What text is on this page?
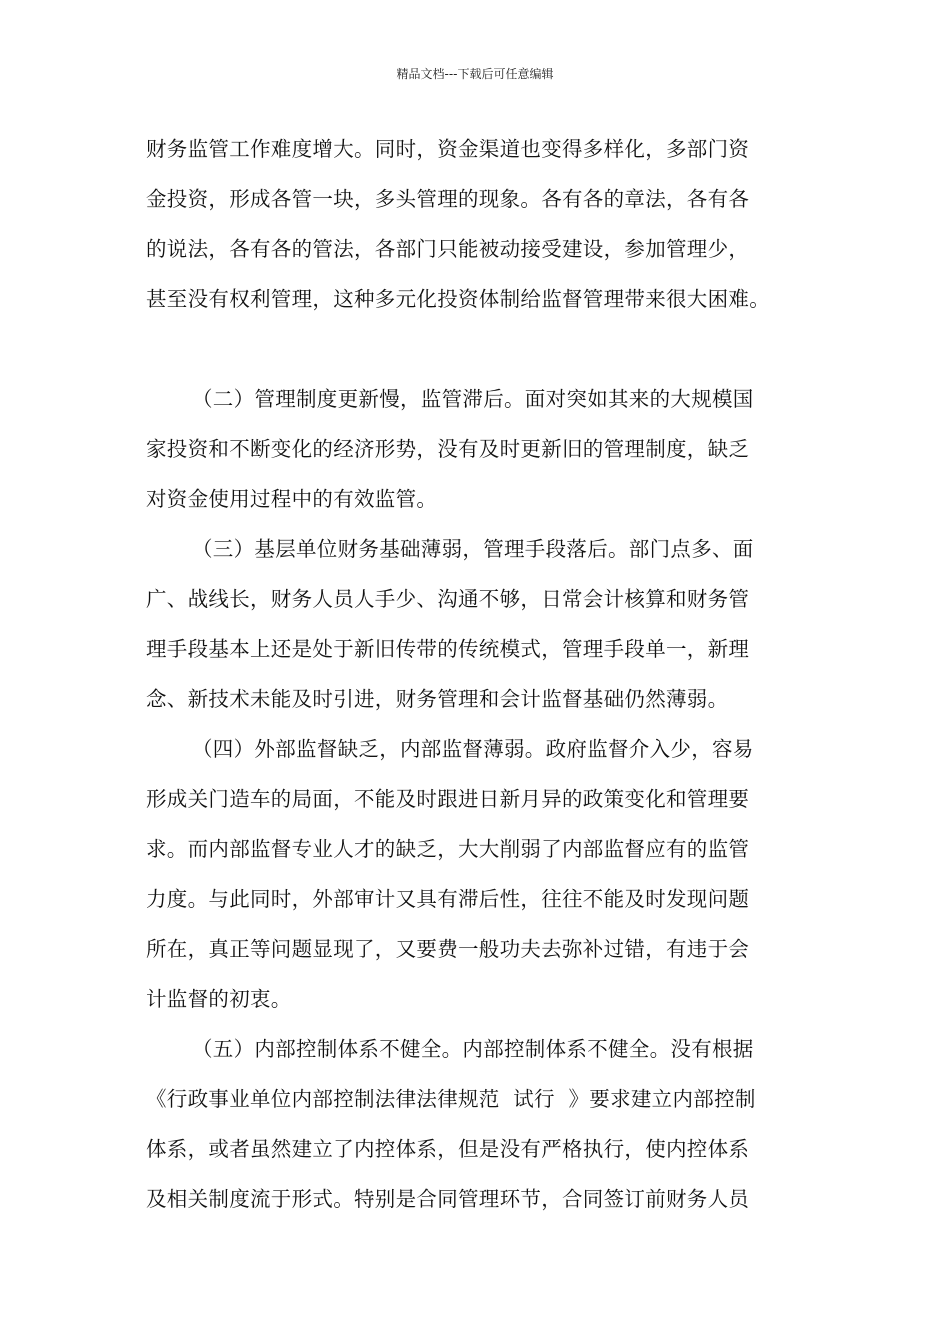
精品文档---下载后可任意编辑
财务监管工作难度增大。同时，资金渠道也变得多样化，多部门资
金投资，形成各管一块，多头管理的现象。各有各的章法，各有各
的说法，各有各的管法，各部门只能被动接受建设，参加管理少，
甚至没有权利管理，这种多元化投资体制给监督管理带来很大困难。
（二）管理制度更新慢，监管滞后。面对突如其来的大规模国
家投资和不断变化的经济形势，没有及时更新旧的管理制度，缺乏
对资金使用过程中的有效监管。
（三）基层单位财务基础薄弱，管理手段落后。部门点多、面
广、战线长，财务人员人手少、沟通不够，日常会计核算和财务管
理手段基本上还是处于新旧传带的传统模式，管理手段单一，新理
念、新技术未能及时引进，财务管理和会计监督基础仍然薄弱。
（四）外部监督缺乏，内部监督薄弱。政府监督介入少，容易
形成关门造车的局面，不能及时跟进日新月异的政策变化和管理要
求。而内部监督专业人才的缺乏，大大削弱了内部监督应有的监管
力度。与此同时，外部审计又具有滞后性，往往不能及时发现问题
所在，真正等问题显现了，又要费一般功夫去弥补过错，有违于会
计监督的初衷。
（五）内部控制体系不健全。内部控制体系不健全。没有根据
《行政事业单位内部控制法律法律规范  试行  》要求建立内部控制
体系，或者虽然建立了内控体系，但是没有严格执行，使内控体系
及相关制度流于形式。特别是合同管理环节，合同签订前财务人员
